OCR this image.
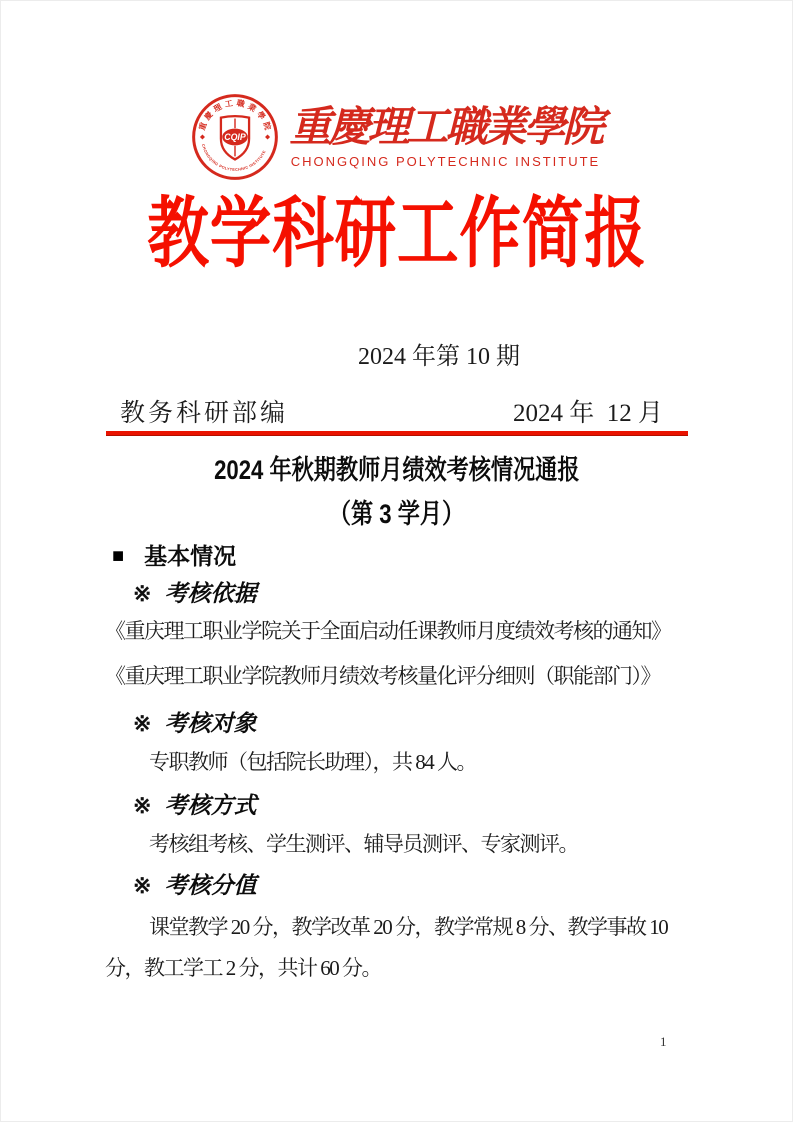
重慶理工職業學院
CHONGQING POLYTECHNIC INSTITUTE
CQIP 重慶理工職業學院
CHONGQING POLYTECHNIC INSTITUTE
教学科研工作简报
2024 年第 10 期
教务科研部编	2024 年  12 月
2024 年秋期教师月绩效考核情况通报
（第 3 学月）
■ 基本情况
※ 考核依据
《重庆理工职业学院关于全面启动任课教师月度绩效考核的通知》
《重庆理工职业学院教师月绩效考核量化评分细则（职能部门）》
※ 考核对象
专职教师（包括院长助理），共 84 人。
※ 考核方式
考核组考核、学生测评、辅导员测评、专家测评。
※ 考核分值
课堂教学 20 分，教学改革 20 分，教学常规 8 分、教学事故 10 分，教工学工 2 分，共计 60 分。
1
